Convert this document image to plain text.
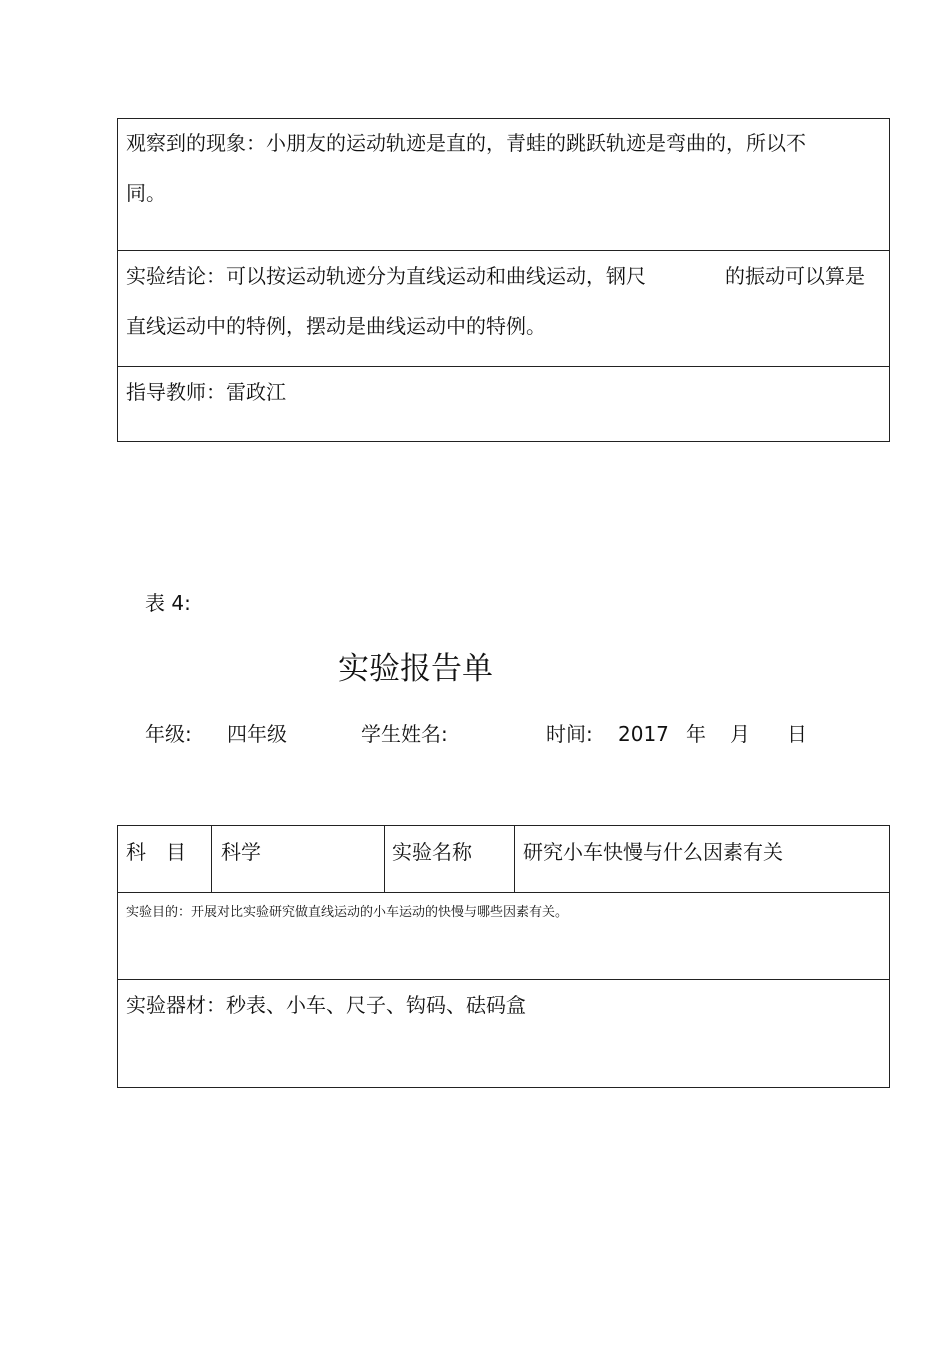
观察到的现象：小朋友的运动轨迹是直的，青蛙的跳跃轨迹是弯曲的，所以不
同。
实验结论：可以按运动轨迹分为直线运动和曲线运动，钢尺	的振动可以算是
直线运动中的特例，摆动是曲线运动中的特例。
指导教师：雷政江
表 4:
实验报告单
年级: 四年级	学生姓名:	时间: 2017 年 月 日
科　目 科学	实验名称	研究小车快慢与什么因素有关
实验目的：开展对比实验研究做直线运动的小车运动的快慢与哪些因素有关。
实验器材：秒表、小车、尺子、钩码、砝码盒
